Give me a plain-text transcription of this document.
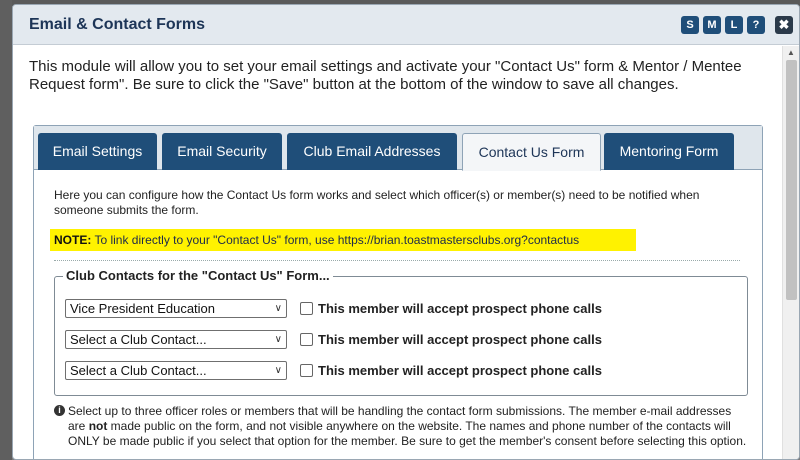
Email & Contact Forms	S	M	L	?	✖
▲
This module will allow you to set your email settings and activate your "Contact Us" form & Mentor / Mentee Request form". Be sure to click the "Save" button at the bottom of the window to save all changes.
Email Settings	Email Security	Club Email Addresses	Contact Us Form	Mentoring Form
Here you can configure how the Contact Us form works and select which officer(s) or member(s) need to be notified when someone submits the form.
NOTE: To link directly to your "Contact Us" form, use https://brian.toastmastersclubs.org?contactus
Club Contacts for the "Contact Us" Form...
Vice President Education	∨	This member will accept prospect phone calls
Select a Club Contact...	∨	This member will accept prospect phone calls
Select a Club Contact...	∨	This member will accept prospect phone calls
i Select up to three officer roles or members that will be handling the contact form submissions. The member e-mail addresses are not made public on the form, and not visible anywhere on the website. The names and phone number of the contacts will ONLY be made public if you select that option for the member. Be sure to get the member's consent before selecting this option.
